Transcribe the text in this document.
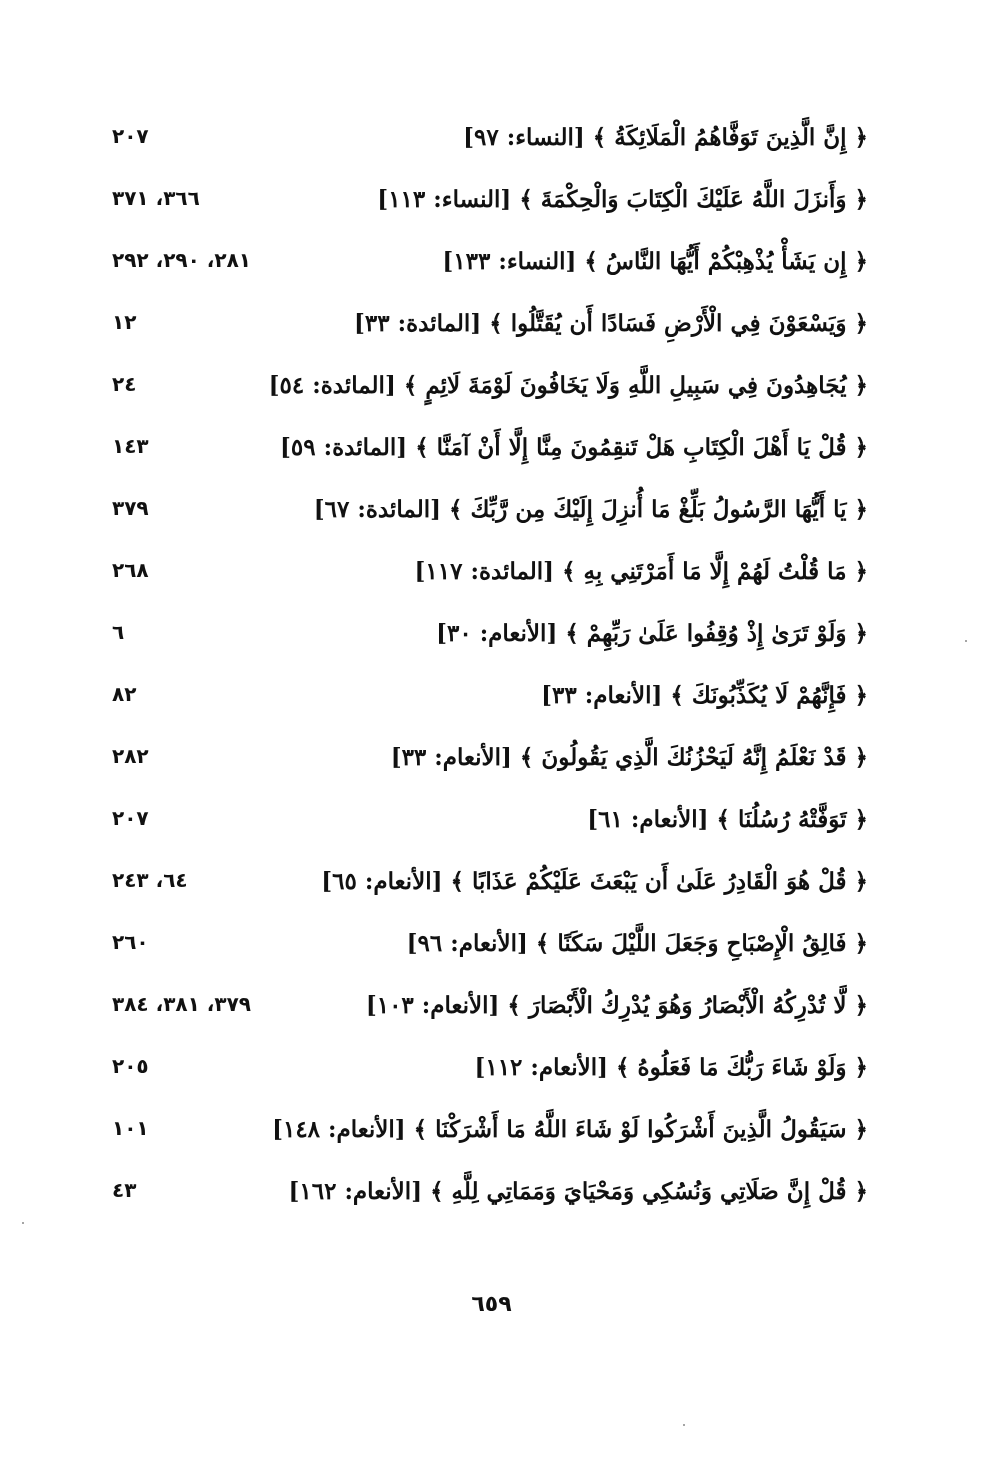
﴿ إِنَّ الَّذِينَ تَوَفَّاهُمُ الْمَلَائِكَةُ ﴾ [النساء: ٩٧]
٢٠٧
﴿ وَأَنزَلَ اللَّهُ عَلَيْكَ الْكِتَابَ وَالْحِكْمَةَ ﴾ [النساء: ١١٣]
٣٦٦، ٣٧١
﴿ إِن يَشَأْ يُذْهِبْكُمْ أَيُّهَا النَّاسُ ﴾ [النساء: ١٣٣]
٢٨١، ٢٩٠، ٢٩٢
﴿ وَيَسْعَوْنَ فِي الْأَرْضِ فَسَادًا أَن يُقَتَّلُوا ﴾ [المائدة: ٣٣]
١٢
﴿ يُجَاهِدُونَ فِي سَبِيلِ اللَّهِ وَلَا يَخَافُونَ لَوْمَةَ لَائِمٍ ﴾ [المائدة: ٥٤]
٢٤
﴿ قُلْ يَا أَهْلَ الْكِتَابِ هَلْ تَنقِمُونَ مِنَّا إِلَّا أَنْ آمَنَّا ﴾ [المائدة: ٥٩]
١٤٣
﴿ يَا أَيُّهَا الرَّسُولُ بَلِّغْ مَا أُنزِلَ إِلَيْكَ مِن رَّبِّكَ ﴾ [المائدة: ٦٧]
٣٧٩
﴿ مَا قُلْتُ لَهُمْ إِلَّا مَا أَمَرْتَنِي بِهِ ﴾ [المائدة: ١١٧]
٢٦٨
﴿ وَلَوْ تَرَىٰ إِذْ وُقِفُوا عَلَىٰ رَبِّهِمْ ﴾ [الأنعام: ٣٠]
٦
﴿ فَإِنَّهُمْ لَا يُكَذِّبُونَكَ ﴾ [الأنعام: ٣٣]
٨٢
﴿ قَدْ نَعْلَمُ إِنَّهُ لَيَحْزُنُكَ الَّذِي يَقُولُونَ ﴾ [الأنعام: ٣٣]
٢٨٢
﴿ تَوَفَّتْهُ رُسُلُنَا ﴾ [الأنعام: ٦١]
٢٠٧
﴿ قُلْ هُوَ الْقَادِرُ عَلَىٰ أَن يَبْعَثَ عَلَيْكُمْ عَذَابًا ﴾ [الأنعام: ٦٥]
٦٤، ٢٤٣
﴿ فَالِقُ الْإِصْبَاحِ وَجَعَلَ اللَّيْلَ سَكَنًا ﴾ [الأنعام: ٩٦]
٢٦٠
﴿ لَّا تُدْرِكُهُ الْأَبْصَارُ وَهُوَ يُدْرِكُ الْأَبْصَارَ ﴾ [الأنعام: ١٠٣]
٣٧٩، ٣٨١، ٣٨٤
﴿ وَلَوْ شَاءَ رَبُّكَ مَا فَعَلُوهُ ﴾ [الأنعام: ١١٢]
٢٠٥
﴿ سَيَقُولُ الَّذِينَ أَشْرَكُوا لَوْ شَاءَ اللَّهُ مَا أَشْرَكْنَا ﴾ [الأنعام: ١٤٨]
١٠١
﴿ قُلْ إِنَّ صَلَاتِي وَنُسُكِي وَمَحْيَايَ وَمَمَاتِي لِلَّهِ ﴾ [الأنعام: ١٦٢]
٤٣
٦٥٩
